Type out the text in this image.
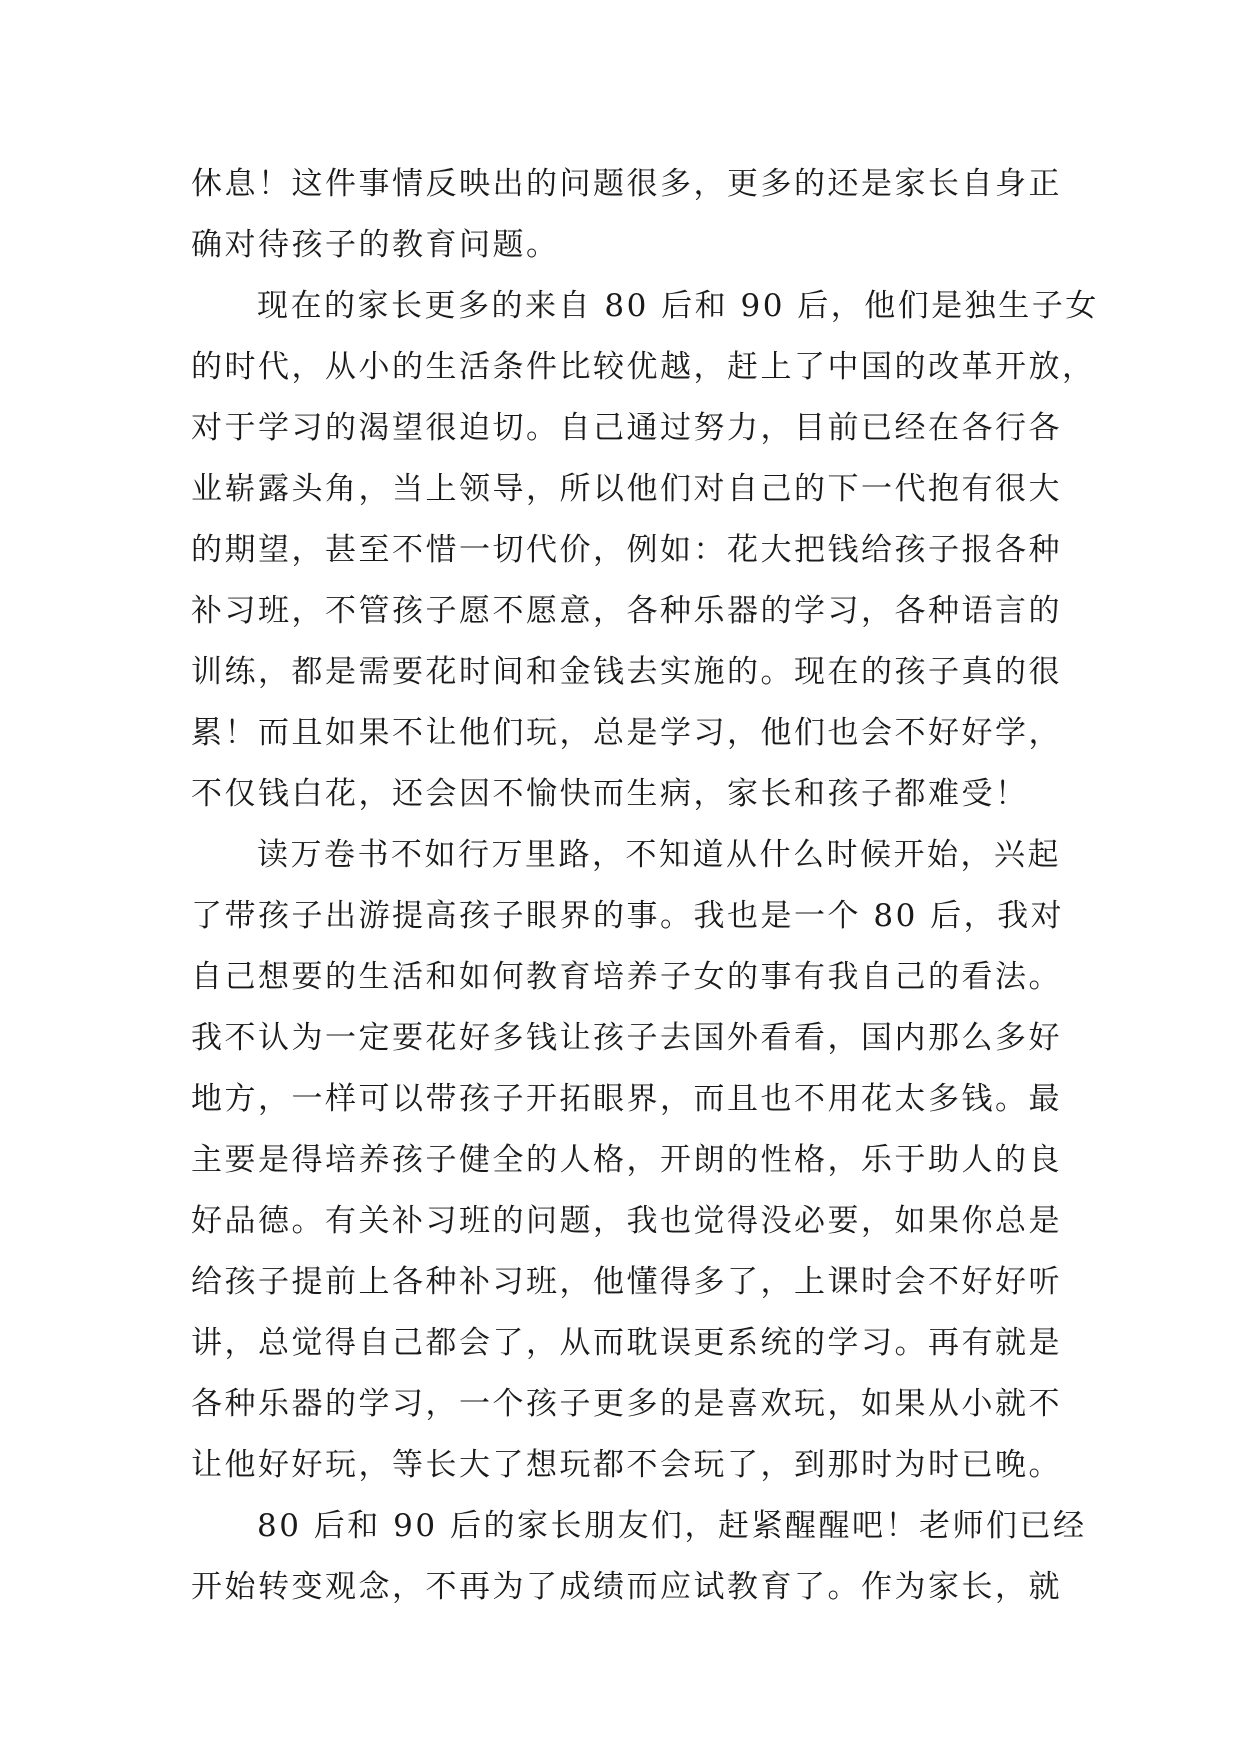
休息！这件事情反映出的问题很多，更多的还是家长自身正
确对待孩子的教育问题。
现在的家长更多的来自 80 后和 90 后，他们是独生子女
的时代，从小的生活条件比较优越，赶上了中国的改革开放，
对于学习的渴望很迫切。自己通过努力，目前已经在各行各
业崭露头角，当上领导，所以他们对自己的下一代抱有很大
的期望，甚至不惜一切代价，例如：花大把钱给孩子报各种
补习班，不管孩子愿不愿意，各种乐器的学习，各种语言的
训练，都是需要花时间和金钱去实施的。现在的孩子真的很
累！而且如果不让他们玩，总是学习，他们也会不好好学，
不仅钱白花，还会因不愉快而生病，家长和孩子都难受！
读万卷书不如行万里路，不知道从什么时候开始，兴起
了带孩子出游提高孩子眼界的事。我也是一个 80 后，我对
自己想要的生活和如何教育培养子女的事有我自己的看法。
我不认为一定要花好多钱让孩子去国外看看，国内那么多好
地方，一样可以带孩子开拓眼界，而且也不用花太多钱。最
主要是得培养孩子健全的人格，开朗的性格，乐于助人的良
好品德。有关补习班的问题，我也觉得没必要，如果你总是
给孩子提前上各种补习班，他懂得多了，上课时会不好好听
讲，总觉得自己都会了，从而耽误更系统的学习。再有就是
各种乐器的学习，一个孩子更多的是喜欢玩，如果从小就不
让他好好玩，等长大了想玩都不会玩了，到那时为时已晚。
80 后和 90 后的家长朋友们，赶紧醒醒吧！老师们已经
开始转变观念，不再为了成绩而应试教育了。作为家长，就
